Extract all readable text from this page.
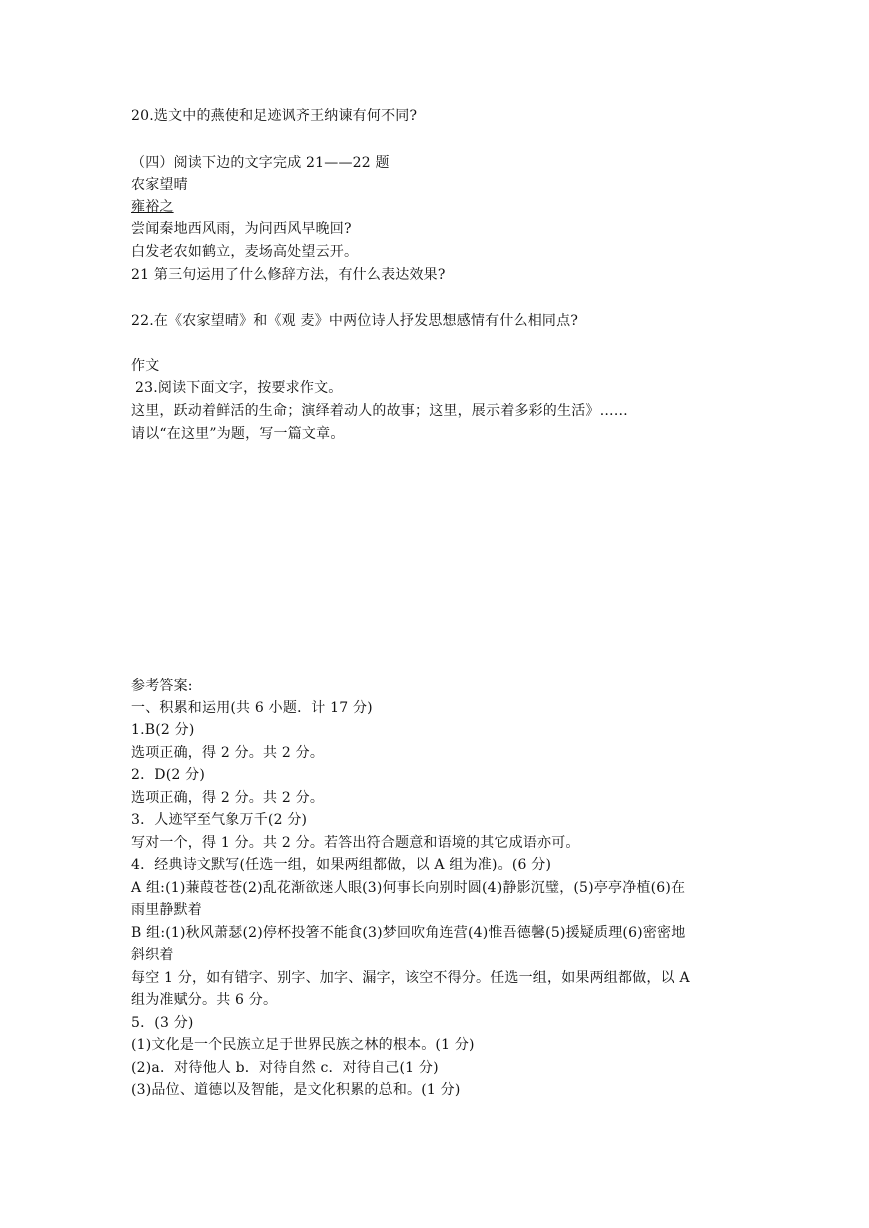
20.选文中的燕使和足迹讽齐王纳谏有何不同?
（四）阅读下边的文字完成 21——22 题
农家望晴
雍裕之
尝闻秦地西风雨，为问西风早晚回?
白发老农如鹤立，麦场高处望云开。
21 第三句运用了什么修辞方法，有什么表达效果?
22.在《农家望晴》和《观 麦》中两位诗人抒发思想感情有什么相同点?
作文
23.阅读下面文字，按要求作文。
这里，跃动着鲜活的生命；演绎着动人的故事；这里，展示着多彩的生活》……
请以“在这里”为题，写一篇文章。
参考答案:
一、积累和运用(共 6 小题．计 17 分)
1.B(2 分)
选项正确，得 2 分。共 2 分。
2．D(2 分)
选项正确，得 2 分。共 2 分。
3．人迹罕至气象万千(2 分)
写对一个，得 1 分。共 2 分。若答出符合题意和语境的其它成语亦可。
4．经典诗文默写(任选一组，如果两组都做，以 A 组为准)。(6 分)
A 组:(1)蒹葭苍苍(2)乱花渐欲迷人眼(3)何事长向别时圆(4)静影沉璧，(5)亭亭净植(6)在
雨里静默着
B 组:(1)秋风萧瑟(2)停杯投箸不能食(3)梦回吹角连营(4)惟吾德馨(5)援疑质理(6)密密地
斜织着
每空 1 分，如有错字、别字、加字、漏字，该空不得分。任选一组，如果两组都做，以 A
组为准赋分。共 6 分。
5．(3 分)
(1)文化是一个民族立足于世界民族之林的根本。(1 分)
(2)a．对待他人 b．对待自然 c．对待自己(1 分)
(3)品位、道德以及智能，是文化积累的总和。(1 分)
